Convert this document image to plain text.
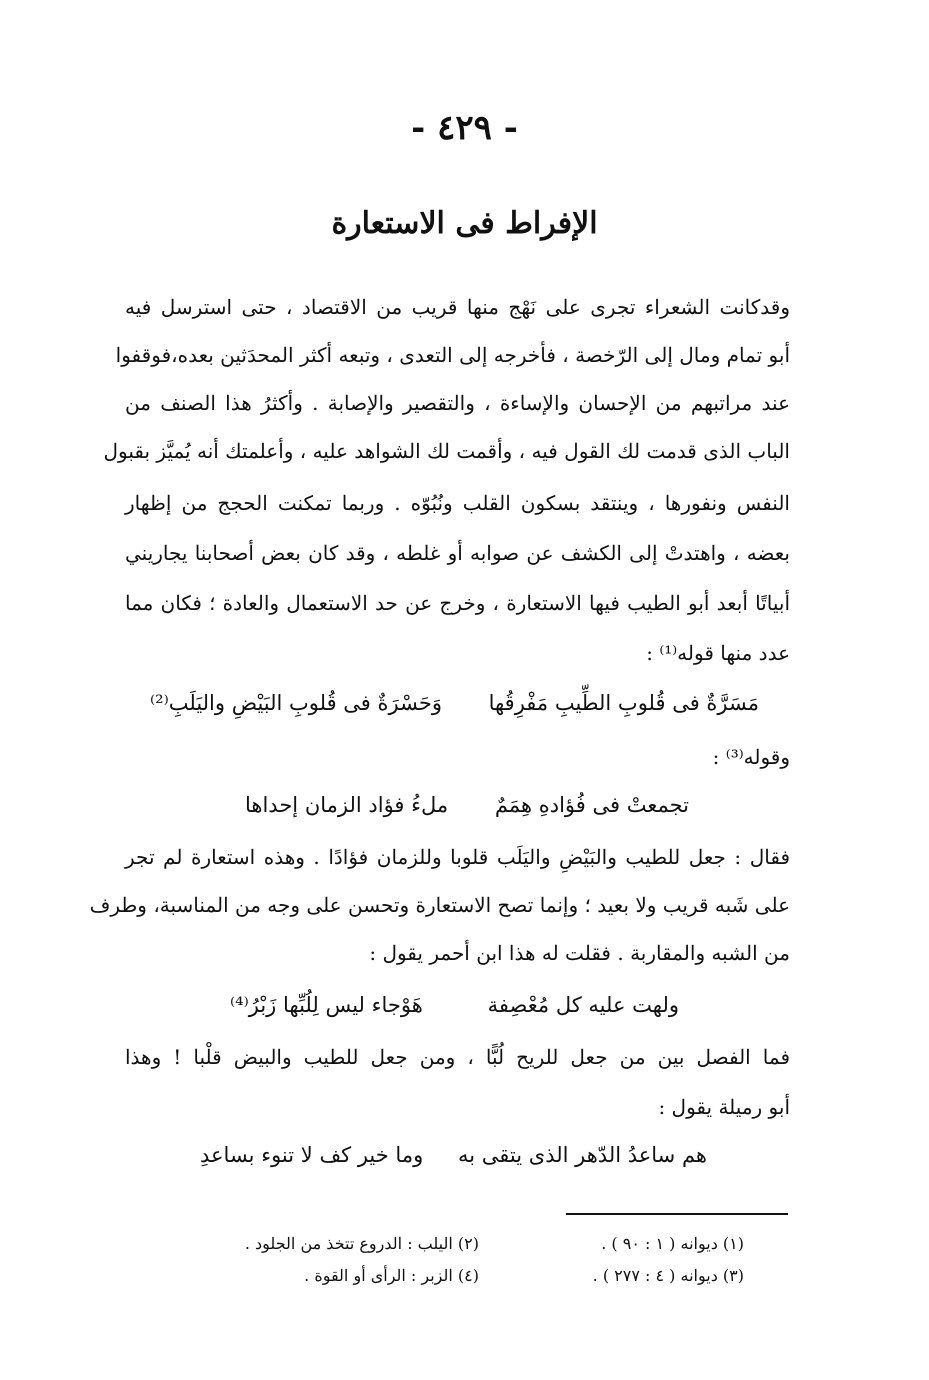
- ٤٢٩ -
الإفراط فى الاستعارة
وقدكانت الشعراء تجرى على نَهْج منها قريب من الاقتصاد ، حتى استرسل فيه
أبو تمام ومال إلى الرّخصة ، فأخرجه إلى التعدى ، وتبعه أكثر المحدَثين بعده،فوقفوا
عند مراتبهم من الإحسان والإساءة ، والتقصير والإصابة . وأكثرُ هذا الصنف من
الباب الذى قدمت لك القول فيه ، وأقمت لك الشواهد عليه ، وأعلمتك أنه يُميَّز بقبول
النفس ونفورها ، وينتقد بسكون القلب ونُبُوّه . وربما تمكنت الحجج من إظهار
بعضه ، واهتدتْ إلى الكشف عن صوابه أو غلطه ، وقد كان بعض أصحابنا يجاريني
أبياتًا أبعد أبو الطيب فيها الاستعارة ، وخرج عن حد الاستعمال والعادة ؛ فكان مما
عدد منها قوله⁽¹⁾ :
مَسَرَّةٌ فى قُلوبِ الطِّيبِ مَفْرِقُها
وَحَسْرَةٌ فى قُلوبِ البَيْضِ واليَلَبِ⁽²⁾
وقوله⁽³⁾ :
تجمعتْ فى فُؤادهِ هِمَمٌ
ملءُ فؤاد الزمان إحداها
فقال : جعل للطيب والبَيْضِ واليَلَب قلوبا وللزمان فؤادًا . وهذه استعارة لم تجر
على شَبه قريب ولا بعيد ؛ وإنما تصح الاستعارة وتحسن على وجه من المناسبة، وطرف
من الشبه والمقاربة . فقلت له هذا ابن أحمر يقول :
ولهت عليه كل مُعْصِفة
هَوْجاء ليس لِلُبِّها زَبْرُ⁽⁴⁾
فما الفصل بين من جعل للريح لُبًّا ، ومن جعل للطيب والبيض قلْبا ! وهذا
أبو رميلة يقول :
هم ساعدُ الدّهر الذى يتقى به
وما خير كف لا تنوء بساعدِ
(١) ديوانه ( ١ : ٩٠ ) .
(٢) اليلب : الدروع تتخذ من الجلود .
(٣) ديوانه ( ٤ : ٢٧٧ ) .
(٤) الزبر : الرأى أو القوة .
